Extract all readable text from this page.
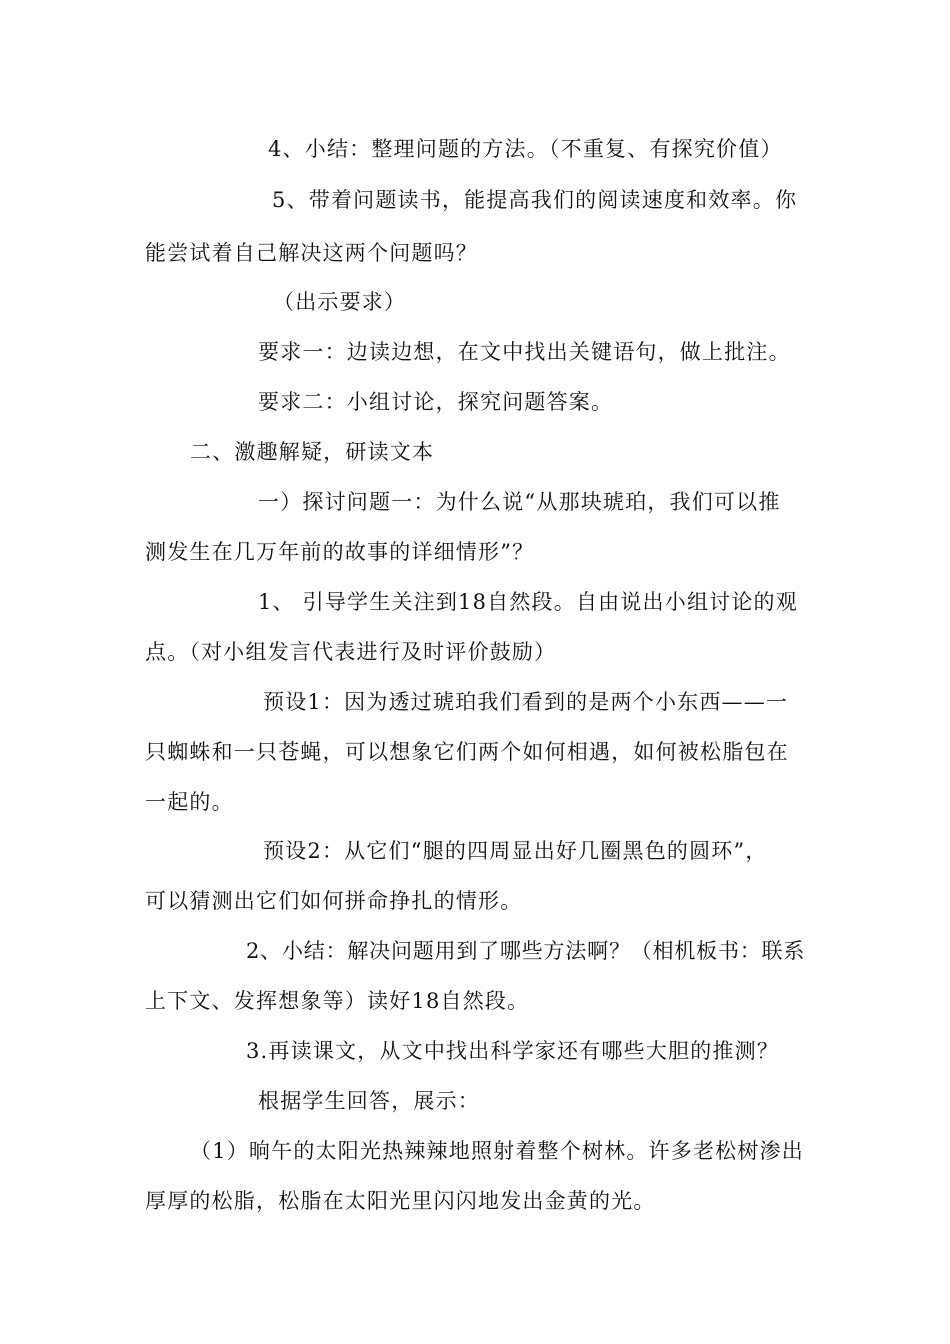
4、小结：整理问题的方法。（不重复、有探究价值）
5、带着问题读书，能提高我们的阅读速度和效率。你
能尝试着自己解决这两个问题吗？
（出示要求）
要求一：边读边想，在文中找出关键语句，做上批注。
要求二：小组讨论，探究问题答案。
二、激趣解疑，研读文本
一）探讨问题一：为什么说“从那块琥珀，我们可以推
测发生在几万年前的故事的详细情形”？
1、 引导学生关注到18自然段。自由说出小组讨论的观
点。（对小组发言代表进行及时评价鼓励）
预设1：因为透过琥珀我们看到的是两个小东西——一
只蜘蛛和一只苍蝇，可以想象它们两个如何相遇，如何被松脂包在
一起的。
预设2：从它们“腿的四周显出好几圈黑色的圆环”，
可以猜测出它们如何拼命挣扎的情形。
2、小结：解决问题用到了哪些方法啊？（相机板书：联系
上下文、发挥想象等）读好18自然段。
3.再读课文，从文中找出科学家还有哪些大胆的推测？
根据学生回答，展示：
（1）晌午的太阳光热辣辣地照射着整个树林。许多老松树渗出
厚厚的松脂，松脂在太阳光里闪闪地发出金黄的光。
